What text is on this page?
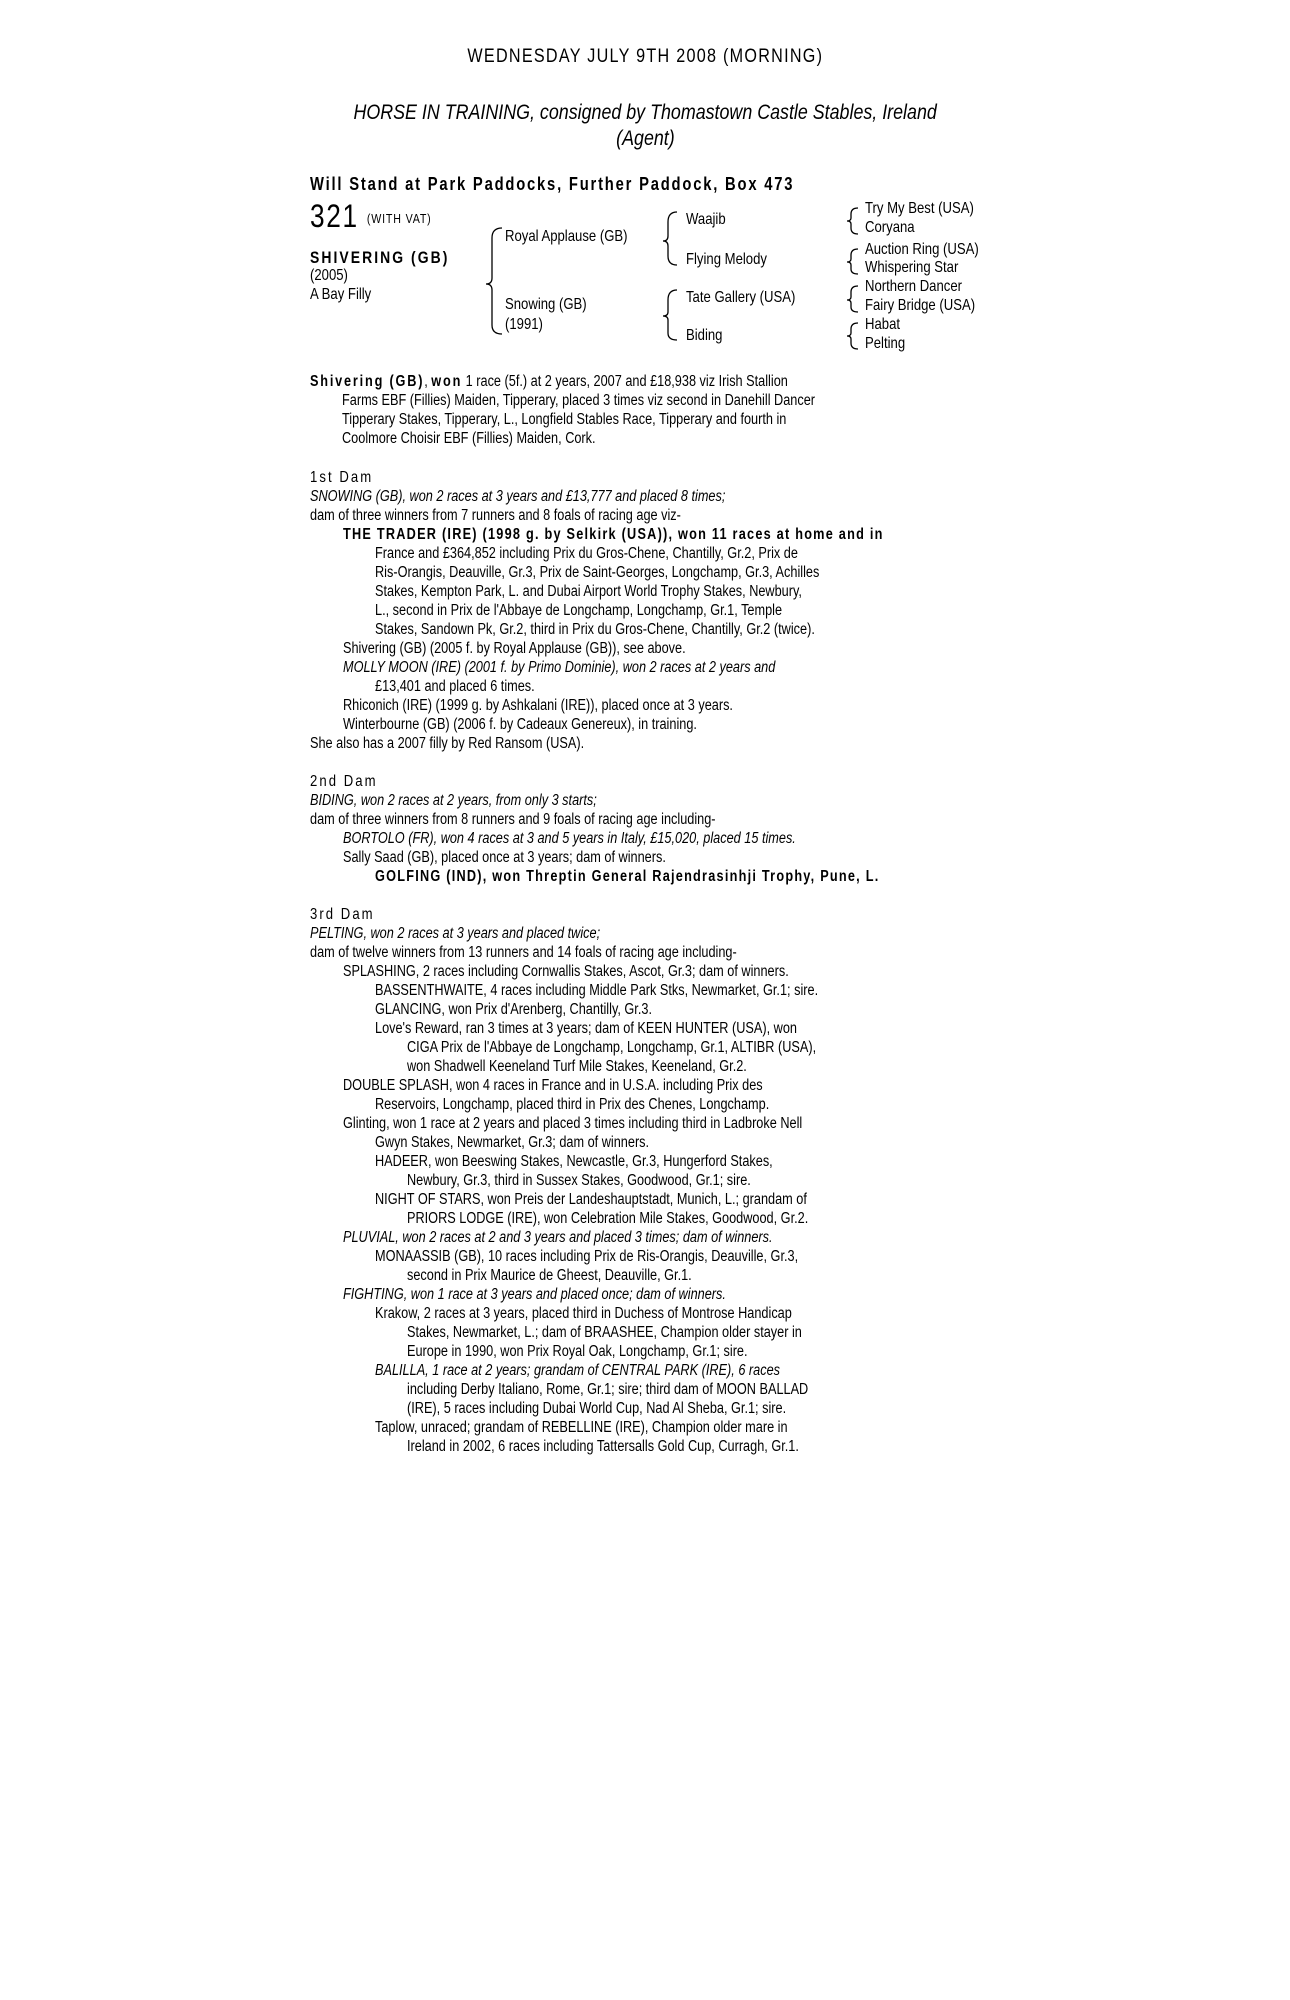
WEDNESDAY JULY 9TH 2008 (MORNING)
HORSE IN TRAINING, consigned by Thomastown Castle Stables, Ireland
(Agent)
Will Stand at Park Paddocks, Further Paddock, Box 473
321 (WITH VAT)
SHIVERING (GB)
(2005)
A Bay Filly
Royal Applause (GB)
Snowing (GB)
(1991)
Waajib
Flying Melody
Tate Gallery (USA)
Biding
Try My Best (USA)
Coryana
Auction Ring (USA)
Whispering Star
Northern Dancer
Fairy Bridge (USA)
Habat
Pelting
Shivering (GB), won 1 race (5f.) at 2 years, 2007 and £18,938 viz Irish Stallion
Farms EBF (Fillies) Maiden, Tipperary, placed 3 times viz second in Danehill Dancer
Tipperary Stakes, Tipperary, L., Longfield Stables Race, Tipperary and fourth in
Coolmore Choisir EBF (Fillies) Maiden, Cork.
1st Dam
SNOWING (GB), won 2 races at 3 years and £13,777 and placed 8 times;
dam of three winners from 7 runners and 8 foals of racing age viz-
THE TRADER (IRE) (1998 g. by Selkirk (USA)), won 11 races at home and in
France and £364,852 including Prix du Gros-Chene, Chantilly, Gr.2, Prix de
Ris-Orangis, Deauville, Gr.3, Prix de Saint-Georges, Longchamp, Gr.3, Achilles
Stakes, Kempton Park, L. and Dubai Airport World Trophy Stakes, Newbury,
L., second in Prix de l'Abbaye de Longchamp, Longchamp, Gr.1, Temple
Stakes, Sandown Pk, Gr.2, third in Prix du Gros-Chene, Chantilly, Gr.2 (twice).
Shivering (GB) (2005 f. by Royal Applause (GB)), see above.
MOLLY MOON (IRE) (2001 f. by Primo Dominie), won 2 races at 2 years and
£13,401 and placed 6 times.
Rhiconich (IRE) (1999 g. by Ashkalani (IRE)), placed once at 3 years.
Winterbourne (GB) (2006 f. by Cadeaux Genereux), in training.
She also has a 2007 filly by Red Ransom (USA).
2nd Dam
BIDING, won 2 races at 2 years, from only 3 starts;
dam of three winners from 8 runners and 9 foals of racing age including-
BORTOLO (FR), won 4 races at 3 and 5 years in Italy, £15,020, placed 15 times.
Sally Saad (GB), placed once at 3 years; dam of winners.
GOLFING (IND), won Threptin General Rajendrasinhji Trophy, Pune, L.
3rd Dam
PELTING, won 2 races at 3 years and placed twice;
dam of twelve winners from 13 runners and 14 foals of racing age including-
SPLASHING, 2 races including Cornwallis Stakes, Ascot, Gr.3; dam of winners.
BASSENTHWAITE, 4 races including Middle Park Stks, Newmarket, Gr.1; sire.
GLANCING, won Prix d'Arenberg, Chantilly, Gr.3.
Love's Reward, ran 3 times at 3 years; dam of KEEN HUNTER (USA), won
CIGA Prix de l'Abbaye de Longchamp, Longchamp, Gr.1, ALTIBR (USA),
won Shadwell Keeneland Turf Mile Stakes, Keeneland, Gr.2.
DOUBLE SPLASH, won 4 races in France and in U.S.A. including Prix des
Reservoirs, Longchamp, placed third in Prix des Chenes, Longchamp.
Glinting, won 1 race at 2 years and placed 3 times including third in Ladbroke Nell
Gwyn Stakes, Newmarket, Gr.3; dam of winners.
HADEER, won Beeswing Stakes, Newcastle, Gr.3, Hungerford Stakes,
Newbury, Gr.3, third in Sussex Stakes, Goodwood, Gr.1; sire.
NIGHT OF STARS, won Preis der Landeshauptstadt, Munich, L.; grandam of
PRIORS LODGE (IRE), won Celebration Mile Stakes, Goodwood, Gr.2.
PLUVIAL, won 2 races at 2 and 3 years and placed 3 times; dam of winners.
MONAASSIB (GB), 10 races including Prix de Ris-Orangis, Deauville, Gr.3,
second in Prix Maurice de Gheest, Deauville, Gr.1.
FIGHTING, won 1 race at 3 years and placed once; dam of winners.
Krakow, 2 races at 3 years, placed third in Duchess of Montrose Handicap
Stakes, Newmarket, L.; dam of BRAASHEE, Champion older stayer in
Europe in 1990, won Prix Royal Oak, Longchamp, Gr.1; sire.
BALILLA, 1 race at 2 years; grandam of CENTRAL PARK (IRE), 6 races
including Derby Italiano, Rome, Gr.1; sire; third dam of MOON BALLAD
(IRE), 5 races including Dubai World Cup, Nad Al Sheba, Gr.1; sire.
Taplow, unraced; grandam of REBELLINE (IRE), Champion older mare in
Ireland in 2002, 6 races including Tattersalls Gold Cup, Curragh, Gr.1.
